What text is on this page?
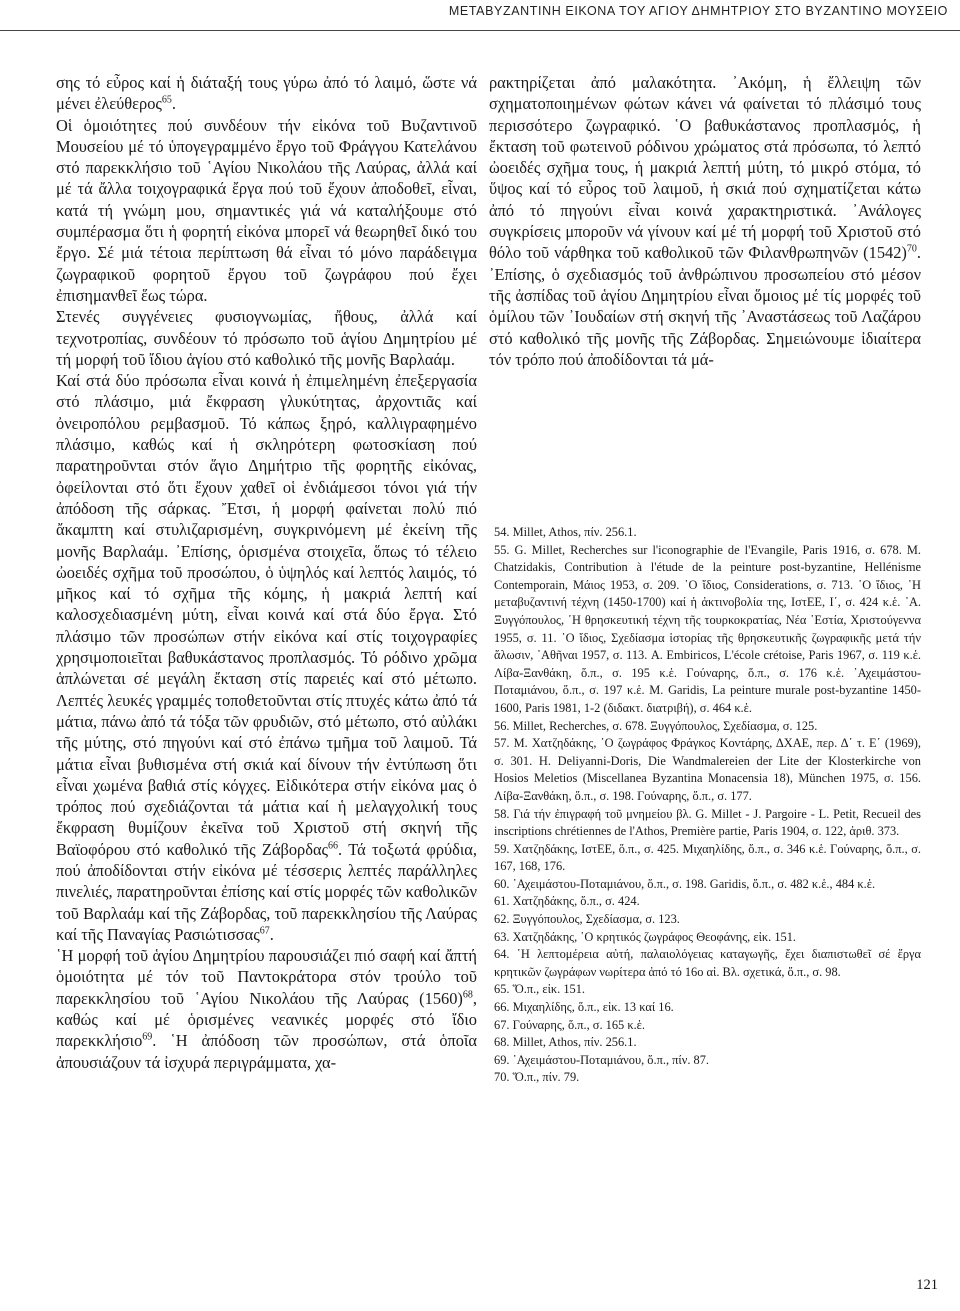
ΜΕΤΑΒΥΖΑΝΤΙΝΗ ΕΙΚΟΝΑ ΤΟΥ ΑΓΙΟΥ ΔΗΜΗΤΡΙΟΥ ΣΤΟ ΒΥΖΑΝΤΙΝΟ ΜΟΥΣΕΙΟ

σης τό εὖρος καί ἡ διάταξή τους γύρω ἀπό τό λαιμό, ὥστε νά μένει ἐλεύθερος$^{65}$.

Οἱ ὁμοιότητες πού συνδέουν τήν εἰκόνα τοῦ Βυζαντινοῦ Μουσείου μέ τό ὑπογεγραμμένο ἔργο τοῦ Φράγγου Κατελάνου στό παρεκκλήσιο τοῦ ῾Αγίου Νικολάου τῆς Λαύρας, ἀλλά καί μέ τά ἄλλα τοιχογραφικά ἔργα πού τοῦ ἔχουν ἀποδοθεῖ, εἶναι, κατά τή γνώμη μου, σημαντικές γιά νά καταλήξουμε στό συμπέρασμα ὅτι ἡ φορητή εἰκόνα μπορεῖ νά θεωρηθεῖ δικό του ἔργο. Σέ μιά τέτοια περίπτωση θά εἶναι τό μόνο παράδειγμα ζωγραφικοῦ φορητοῦ ἔργου τοῦ ζωγράφου πού ἔχει ἐπισημανθεῖ ἕως τώρα.

Στενές συγγένειες φυσιογνωμίας, ἤθους, ἀλλά καί τεχνοτροπίας, συνδέουν τό πρόσωπο τοῦ ἁγίου Δημητρίου μέ τή μορφή τοῦ ἴδιου ἁγίου στό καθολικό τῆς μονῆς Βαρλαάμ.

Καί στά δύο πρόσωπα εἶναι κοινά ἡ ἐπιμελημένη ἐπεξεργασία στό πλάσιμο, μιά ἔκφραση γλυκύτητας, ἀρχοντιᾶς καί ὀνειροπόλου ρεμβασμοῦ. Τό κάπως ξηρό, καλλιγραφημένο πλάσιμο, καθώς καί ἡ σκληρότερη φωτοσκίαση πού παρατηροῦνται στόν ἅγιο Δημήτριο τῆς φορητῆς εἰκόνας, ὀφείλονται στό ὅτι ἔχουν χαθεῖ οἱ ἐνδιάμεσοι τόνοι γιά τήν ἀπόδοση τῆς σάρκας. Ἔτσι, ἡ μορφή φαίνεται πολύ πιό ἄκαμπτη καί στυλιζαρισμένη, συγκρινόμενη μέ ἐκείνη τῆς μονῆς Βαρλαάμ. ᾽Επίσης, ὁρισμένα στοιχεῖα, ὅπως τό τέλειο ὠοειδές σχῆμα τοῦ προσώπου, ὁ ὑψηλός καί λεπτός λαιμός, τό μῆκος καί τό σχῆμα τῆς κόμης, ἡ μακριά λεπτή καί καλοσχεδιασμένη μύτη, εἶναι κοινά καί στά δύο ἔργα. Στό πλάσιμο τῶν προσώπων στήν εἰκόνα καί στίς τοιχογραφίες χρησιμοποιεῖται βαθυκάστανος προπλασμός. Τό ρόδινο χρῶμα ἁπλώνεται σέ μεγάλη ἔκταση στίς παρειές καί στό μέτωπο. Λεπτές λευκές γραμμές τοποθετοῦνται στίς πτυχές κάτω ἀπό τά μάτια, πάνω ἀπό τά τόξα τῶν φρυδιῶν, στό μέτωπο, στό αὐλάκι τῆς μύτης, στό πηγούνι καί στό ἐπάνω τμῆμα τοῦ λαιμοῦ. Τά μάτια εἶναι βυθισμένα στή σκιά καί δίνουν τήν ἐντύπωση ὅτι εἶναι χωμένα βαθιά στίς κόγχες. Εἰδικότερα στήν εἰκόνα μας ὁ τρόπος πού σχεδιάζονται τά μάτια καί ἡ μελαγχολική τους ἔκφραση θυμίζουν ἐκεῖνα τοῦ Χριστοῦ στή σκηνή τῆς Βαϊοφόρου στό καθολικό τῆς Ζάβορδας$^{66}$. Τά τοξωτά φρύδια, πού ἀποδίδονται στήν εἰκόνα μέ τέσσερις λεπτές παράλληλες πινελιές, παρατηροῦνται ἐπίσης καί στίς μορφές τῶν καθολικῶν τοῦ Βαρλαάμ καί τῆς Ζάβορδας, τοῦ παρεκκλησίου τῆς Λαύρας καί τῆς Παναγίας Ρασιώτισσας$^{67}$.

῾Η μορφή τοῦ ἁγίου Δημητρίου παρουσιάζει πιό σαφή καί ἄπτή ὁμοιότητα μέ τόν τοῦ Παντοκράτορα στόν τρούλο τοῦ παρεκκλησίου τοῦ ῾Αγίου Νικολάου τῆς Λαύρας $(1560)^{68}$, καθώς καί μέ ὁρισμένες νεανικές μορφές στό ἴδιο παρεκκλήσιο$^{69}$. ῾Η ἀπόδοση τῶν προσώπων, στά ὁποῖα ἀπουσιάζουν τά ἰσχυρά περιγράμματα, χα-

ρακτηρίζεται ἀπό μαλακότητα. ᾽Ακόμη, ἡ ἔλλειψη τῶν σχηματοποιημένων φώτων κάνει νά φαίνεται τό πλάσιμό τους περισσότερο ζωγραφικό. ῾Ο βαθυκάστανος προπλασμός, ἡ ἔκταση τοῦ φωτεινοῦ ρόδινου χρώματος στά πρόσωπα, τό λεπτό ὠοειδές σχῆμα τους, ἡ μακριά λεπτή μύτη, τό μικρό στόμα, τό ὕψος καί τό εὖρος τοῦ λαιμοῦ, ἡ σκιά πού σχηματίζεται κάτω ἀπό τό πηγούνι εἶναι κοινά χαρακτηριστικά. ᾽Ανάλογες συγκρίσεις μποροῦν νά γίνουν καί μέ τή μορφή τοῦ Χριστοῦ στό θόλο τοῦ νάρθηκα τοῦ καθολικοῦ τῶν Φιλανθρωπηνῶν $(1542)^{70}$. ᾽Επίσης, ὁ σχεδιασμός τοῦ ἀνθρώπινου προσωπείου στό μέσον τῆς ἀσπίδας τοῦ ἁγίου Δημητρίου εἶναι ὅμοιος μέ τίς μορφές τοῦ ὁμίλου τῶν ᾽Ιουδαίων στή σκηνή τῆς ᾽Αναστάσεως τοῦ Λαζάρου στό καθολικό τῆς μονῆς τῆς Ζάβορδας. Σημειώνουμε ἰδιαίτερα τόν τρόπο πού ἀποδίδονται τά μά-

54. Millet, Athos, πίν. 256.1.

55. G. Millet, Recherches sur l'iconographie de l'Evangile, Paris 1916, σ. 678. M. Chatzidakis, Contribution à l'étude de la peinture post-byzantine, Hellénisme Contemporain, Μάιος 1953, σ. 209. ῾Ο ἴδιος, Considerations, σ. 713. ῾Ο ἴδιος, ῾Η μεταβυζαντινή τέχνη (1450-1700) καί ἡ ἀκτινοβολία της, ΙστΕΕ, Ι΄, σ. 424 κ.ἑ. ᾽Α. Ξυγγόπουλος, ῾Η θρησκευτική τέχνη τῆς τουρκοκρατίας, Νέα ῾Εστία, Χριστούγεννα 1955, σ. 11. ῾Ο ἴδιος, Σχεδίασμα ἱστορίας τῆς θρησκευτικῆς ζωγραφικῆς μετά τήν ἅλωσιν, ᾽Αθῆναι 1957, σ. 113. A. Embiricos, L'école crétoise, Paris 1967, σ. 119 κ.ἑ. Λίβα-Ξανθάκη, ὅ.π., σ. 195 κ.ἑ. Γούναρης, ὅ.π., σ. 176 κ.ἑ. ᾽Αχειμάστου-Ποταμιάνου, ὅ.π., σ. 197 κ.ἑ. M. Garidis, La peinture murale post-byzantine 1450-1600, Paris 1981, 1-2 (διδακτ. διατριβή), σ. 464 κ.ἑ.

56. Millet, Recherches, σ. 678. Ξυγγόπουλος, Σχεδίασμα, σ. 125.

57. M. Χατζηδάκης, ῾Ο ζωγράφος Φράγκος Κοντάρης, ΔΧΑΕ, περ. Δ΄ τ. Ε΄ (1969), σ. 301. H. Deliyanni-Doris, Die Wandmalereien der Lite der Klosterkirche von Hosios Meletios (Miscellanea Byzantina Monacensia 18), München 1975, σ. 156. Λίβα-Ξανθάκη, ὅ.π., σ. 198. Γούναρης, ὅ.π., σ. 177.

58. Γιά τήν ἐπιγραφή τοῦ μνημείου βλ. G. Millet - J. Pargoire - L. Petit, Recueil des inscriptions chrétiennes de l'Athos, Première partie, Paris 1904, σ. 122, ἀριθ. 373.

59. Χατζηδάκης, ΙστΕΕ, ὅ.π., σ. 425. Μιχαηλίδης, ὅ.π., σ. 346 κ.ἑ. Γούναρης, ὅ.π., σ. 167, 168, 176.

60. ᾽Αχειμάστου-Ποταμιάνου, ὅ.π., σ. 198. Garidis, ὅ.π., σ. 482 κ.ἑ., 484 κ.ἑ.

61. Χατζηδάκης, ὅ.π., σ. 424.

62. Ξυγγόπουλος, Σχεδίασμα, σ. 123.

63. Χατζηδάκης, ῾Ο κρητικός ζωγράφος Θεοφάνης, εἰκ. 151.

64. ῾Η λεπτομέρεια αὐτή, παλαιολόγειας καταγωγῆς, ἔχει διαπιστωθεῖ σέ ἔργα κρητικῶν ζωγράφων νωρίτερα ἀπό τό 16ο αἰ. Βλ. σχετικά, ὅ.π., σ. 98.

65. Ὅ.π., εἰκ. 151.

66. Μιχαηλίδης, ὅ.π., εἰκ. 13 καί 16.

67. Γούναρης, ὅ.π., σ. 165 κ.ἑ.

68. Millet, Athos, πίν. 256.1.

69. ᾽Αχειμάστου-Ποταμιάνου, ὅ.π., πίν. 87.

70. Ὅ.π., πίν. 79.

121
